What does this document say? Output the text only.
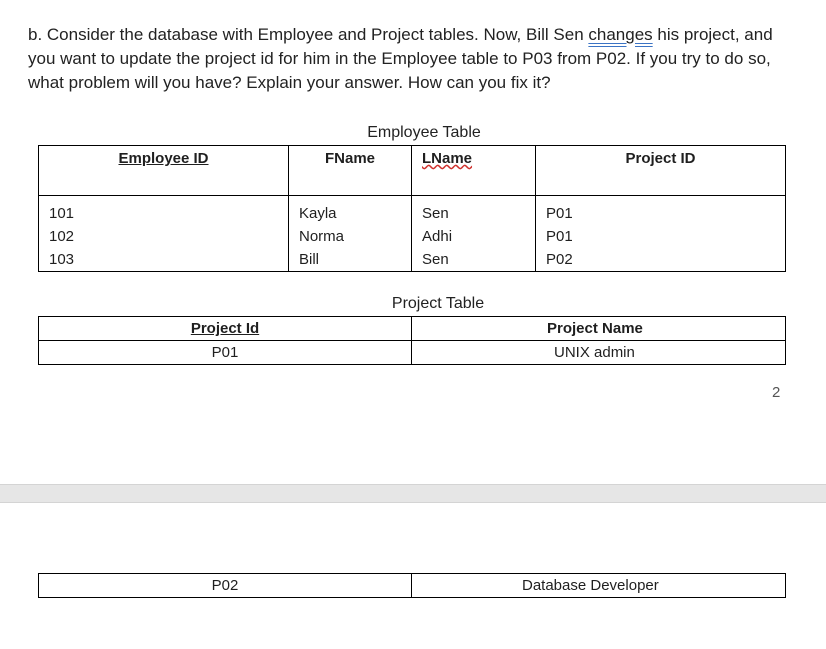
b. Consider the database with Employee and Project tables. Now, Bill Sen changes his project, and you want to update the project id for him in the Employee table to P03 from P02. If you try to do so, what problem will you have? Explain your answer. How can you fix it?
Employee Table
Employee ID	FName	LName	Project ID
101	Kayla	Sen	P01
102	Norma	Adhi	P01
103	Bill	Sen	P02
Project Table
Project Id	Project Name
P01	UNIX admin
2
P02	Database Developer
